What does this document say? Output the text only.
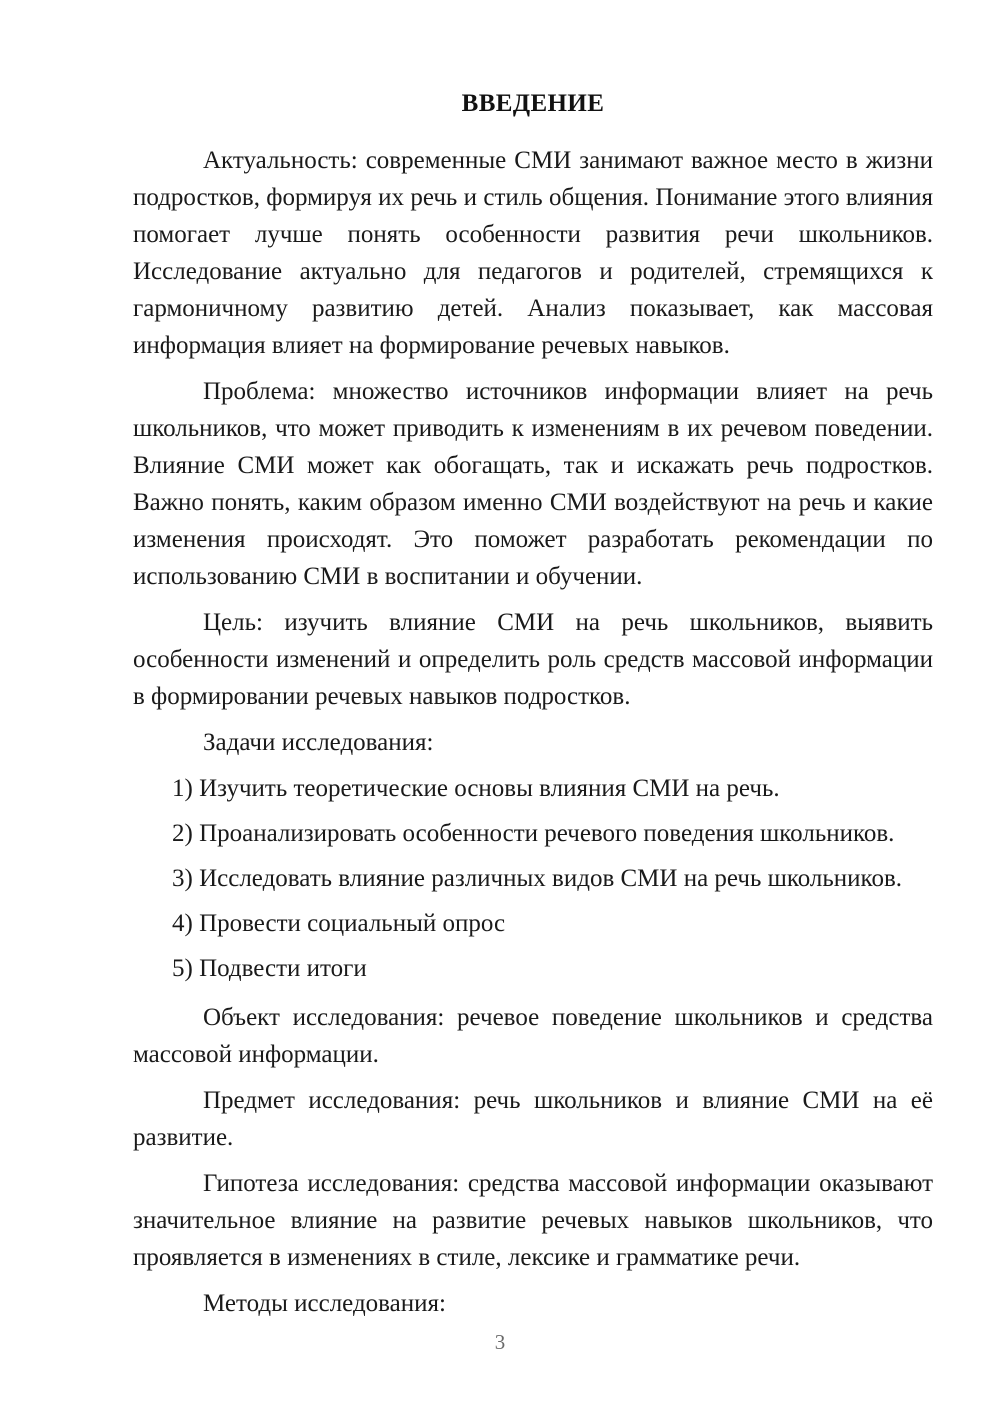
ВВЕДЕНИЕ

Актуальность: современные СМИ занимают важное место в жизни подростков, формируя их речь и стиль общения. Понимание этого влияния помогает лучше понять особенности развития речи школьников. Исследование актуально для педагогов и родителей, стремящихся к гармоничному развитию детей. Анализ показывает, как массовая информация влияет на формирование речевых навыков.

Проблема: множество источников информации влияет на речь школьников, что может приводить к изменениям в их речевом поведении. Влияние СМИ может как обогащать, так и искажать речь подростков. Важно понять, каким образом именно СМИ воздействуют на речь и какие изменения происходят. Это поможет разработать рекомендации по использованию СМИ в воспитании и обучении.

Цель: изучить влияние СМИ на речь школьников, выявить особенности изменений и определить роль средств массовой информации в формировании речевых навыков подростков.

Задачи исследования:

1) Изучить теоретические основы влияния СМИ на речь.
2) Проанализировать особенности речевого поведения школьников.
3) Исследовать влияние различных видов СМИ на речь школьников.
4) Провести социальный опрос
5) Подвести итоги

Объект исследования: речевое поведение школьников и средства массовой информации.

Предмет исследования: речь школьников и влияние СМИ на её развитие.

Гипотеза исследования: средства массовой информации оказывают значительное влияние на развитие речевых навыков школьников, что проявляется в изменениях в стиле, лексике и грамматике речи.

Методы исследования:

3
